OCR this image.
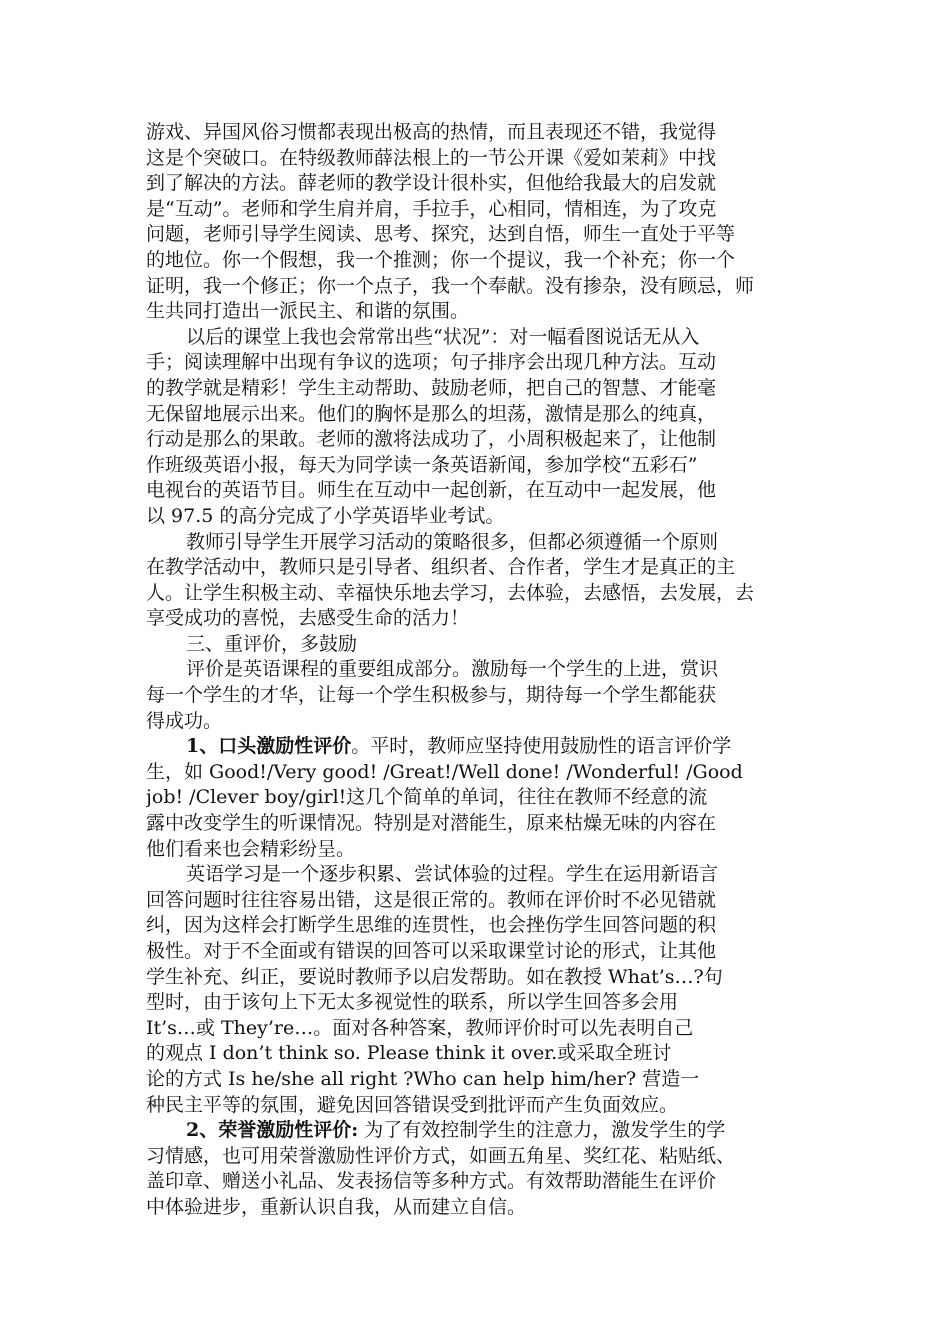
游戏、异国风俗习惯都表现出极高的热情，而且表现还不错，我觉得
这是个突破口。在特级教师薛法根上的一节公开课《爱如茉莉》中找
到了解决的方法。薛老师的教学设计很朴实，但他给我最大的启发就
是“互动”。老师和学生肩并肩，手拉手，心相同，情相连，为了攻克
问题，老师引导学生阅读、思考、探究，达到自悟，师生一直处于平等
的地位。你一个假想，我一个推测；你一个提议，我一个补充；你一个
证明，我一个修正；你一个点子，我一个奉献。没有掺杂，没有顾忌，师
生共同打造出一派民主、和谐的氛围。
以后的课堂上我也会常常出些“状况”：对一幅看图说话无从入
手；阅读理解中出现有争议的选项；句子排序会出现几种方法。互动
的教学就是精彩！学生主动帮助、鼓励老师，把自己的智慧、才能毫
无保留地展示出来。他们的胸怀是那么的坦荡，激情是那么的纯真，
行动是那么的果敢。老师的激将法成功了，小周积极起来了，让他制
作班级英语小报，每天为同学读一条英语新闻，参加学校“五彩石”
电视台的英语节目。师生在互动中一起创新，在互动中一起发展，他
以 97.5 的高分完成了小学英语毕业考试。
教师引导学生开展学习活动的策略很多，但都必须遵循一个原则
在教学活动中，教师只是引导者、组织者、合作者，学生才是真正的主
人。让学生积极主动、幸福快乐地去学习，去体验，去感悟，去发展，去
享受成功的喜悦，去感受生命的活力！
三、重评价，多鼓励
评价是英语课程的重要组成部分。激励每一个学生的上进，赏识
每一个学生的才华，让每一个学生积极参与，期待每一个学生都能获
得成功。
1、口头激励性评价。平时，教师应坚持使用鼓励性的语言评价学
生，如 Good!/Very good! /Great!/Well done! /Wonderful! /Good
job! /Clever boy/girl!这几个简单的单词，往往在教师不经意的流
露中改变学生的听课情况。特别是对潜能生，原来枯燥无味的内容在
他们看来也会精彩纷呈。
英语学习是一个逐步积累、尝试体验的过程。学生在运用新语言
回答问题时往往容易出错，这是很正常的。教师在评价时不必见错就
纠，因为这样会打断学生思维的连贯性，也会挫伤学生回答问题的积
极性。对于不全面或有错误的回答可以采取课堂讨论的形式，让其他
学生补充、纠正，要说时教师予以启发帮助。如在教授 What’s…?句
型时，由于该句上下无太多视觉性的联系，所以学生回答多会用
It’s…或 They’re…。面对各种答案，教师评价时可以先表明自己
的观点 I don’t think so. Please think it over.或采取全班讨
论的方式 Is he/she all right ?Who can help him/her? 营造一
种民主平等的氛围，避免因回答错误受到批评而产生负面效应。
2、荣誉激励性评价: 为了有效控制学生的注意力，激发学生的学
习情感，也可用荣誉激励性评价方式，如画五角星、奖红花、粘贴纸、
盖印章、赠送小礼品、发表扬信等多种方式。有效帮助潜能生在评价
中体验进步，重新认识自我，从而建立自信。
